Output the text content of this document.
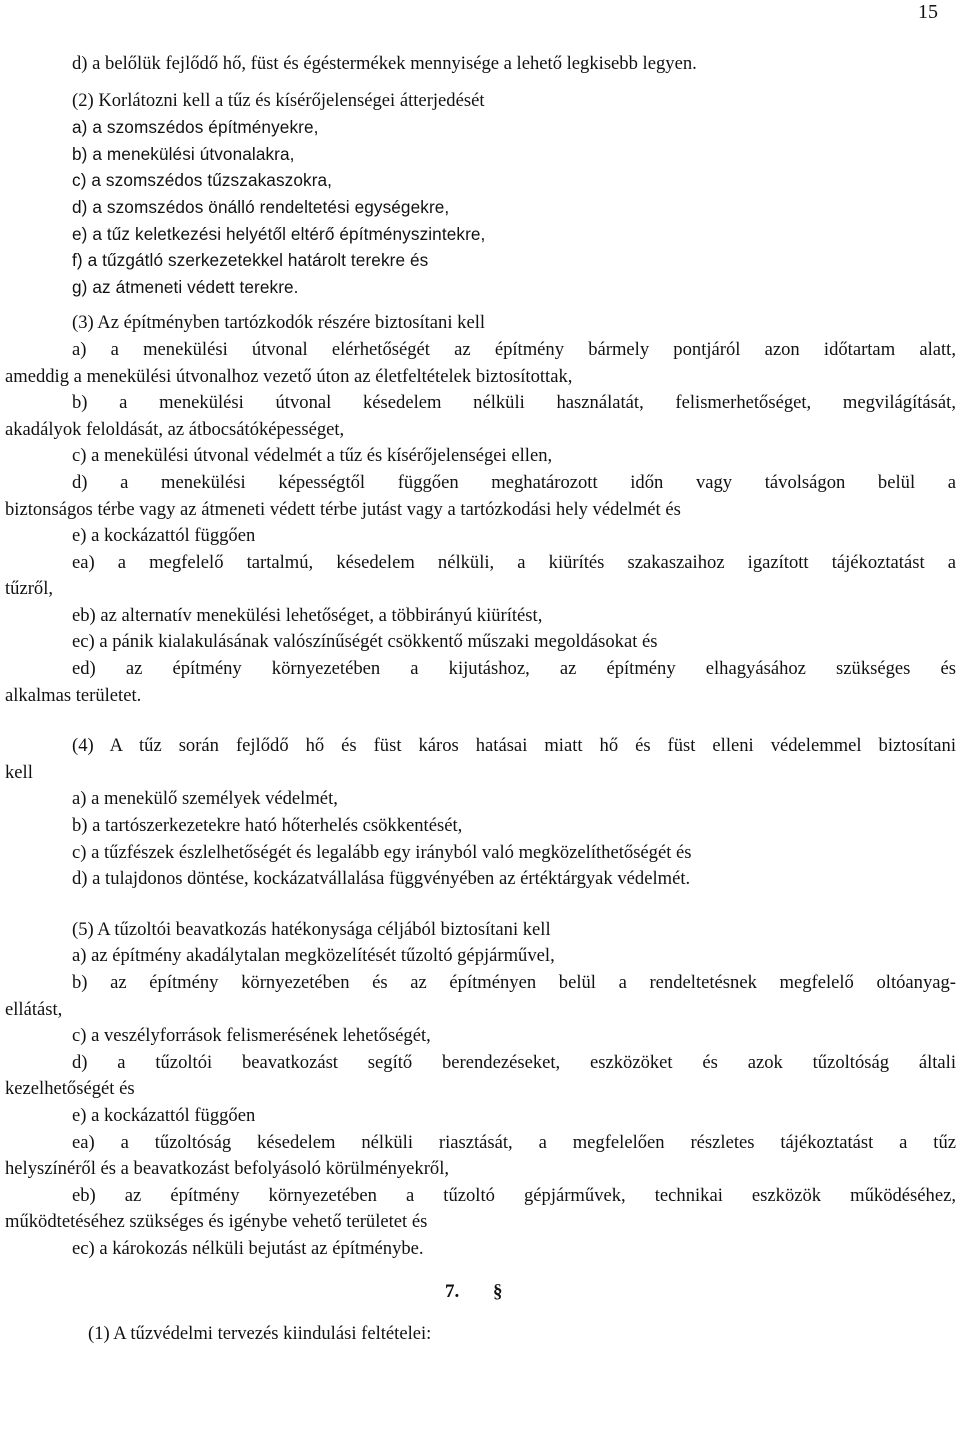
15
d) a belőlük fejlődő hő, füst és égéstermékek mennyisége a lehető legkisebb legyen.
(2) Korlátozni kell a tűz és kísérőjelenségei átterjedését
a) a szomszédos építményekre,
b) a menekülési útvonalakra,
c) a szomszédos tűzszakaszokra,
d) a szomszédos önálló rendeltetési egységekre,
e) a tűz keletkezési helyétől eltérő építményszintekre,
f) a tűzgátló szerkezetekkel határolt terekre és
g) az átmeneti védett terekre.
(3) Az építményben tartózkodók részére biztosítani kell
a) a menekülési útvonal elérhetőségét az építmény bármely pontjáról azon időtartam alatt,
ameddig a menekülési útvonalhoz vezető úton az életfeltételek biztosítottak,
b) a menekülési útvonal késedelem nélküli használatát, felismerhetőséget, megvilágítását,
akadályok feloldását, az átbocsátóképességet,
c) a menekülési útvonal védelmét a tűz és kísérőjelenségei ellen,
d) a menekülési képességtől függően meghatározott időn vagy távolságon belül a
biztonságos térbe vagy az átmeneti védett térbe jutást vagy a tartózkodási hely védelmét és
e) a kockázattól függően
ea) a megfelelő tartalmú, késedelem nélküli, a kiürítés szakaszaihoz igazított tájékoztatást a
tűzről,
eb) az alternatív menekülési lehetőséget, a többirányú kiürítést,
ec) a pánik kialakulásának valószínűségét csökkentő műszaki megoldásokat és
ed) az építmény környezetében a kijutáshoz, az építmény elhagyásához szükséges és
alkalmas területet.
(4) A tűz során fejlődő hő és füst káros hatásai miatt hő és füst elleni védelemmel biztosítani
kell
a) a menekülő személyek védelmét,
b) a tartószerkezetekre ható hőterhelés csökkentését,
c) a tűzfészek észlelhetőségét és legalább egy irányból való megközelíthetőségét és
d) a tulajdonos döntése, kockázatvállalása függvényében az értéktárgyak védelmét.
(5) A tűzoltói beavatkozás hatékonysága céljából biztosítani kell
a) az építmény akadálytalan megközelítését tűzoltó gépjárművel,
b) az építmény környezetében és az építményen belül a rendeltetésnek megfelelő oltóanyag-
ellátást,
c) a veszélyforrások felismerésének lehetőségét,
d) a tűzoltói beavatkozást segítő berendezéseket, eszközöket és azok tűzoltóság általi
kezelhetőségét és
e) a kockázattól függően
ea) a tűzoltóság késedelem nélküli riasztását, a megfelelően részletes tájékoztatást a tűz
helyszínéről és a beavatkozást befolyásoló körülményekről,
eb) az építmény környezetében a tűzoltó gépjárművek, technikai eszközök működéséhez,
működtetéséhez szükséges és igénybe vehető területet és
ec) a károkozás nélküli bejutást az építménybe.
7. §
(1) A tűzvédelmi tervezés kiindulási feltételei:
